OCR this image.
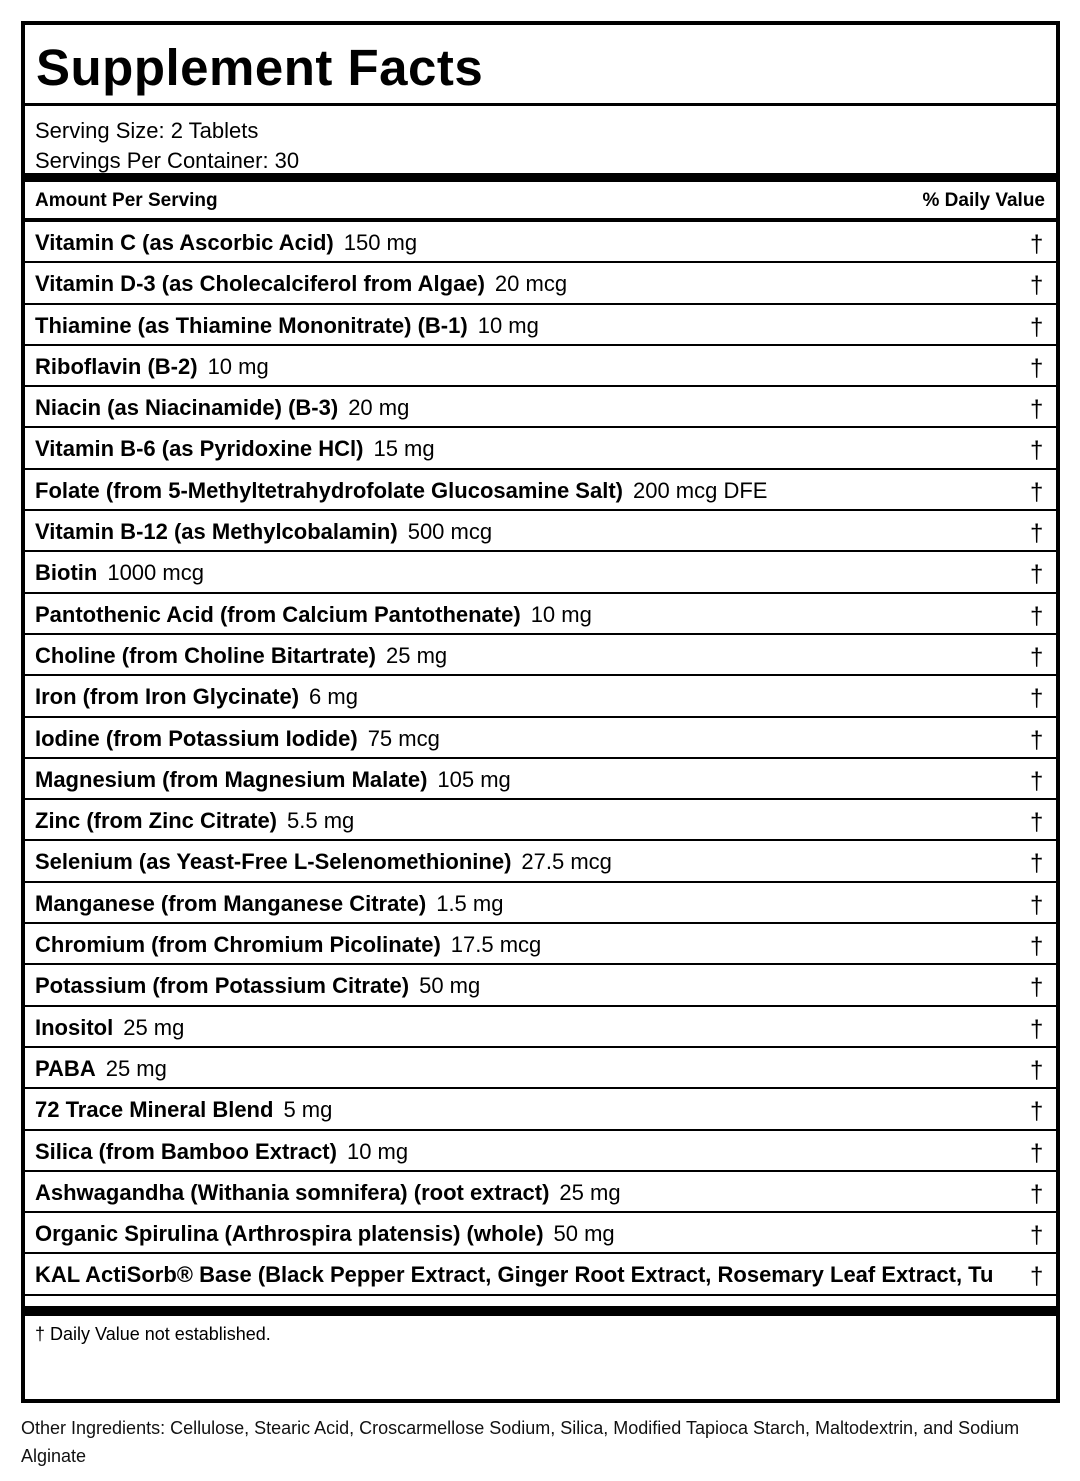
Supplement Facts
Serving Size: 2 Tablets
Servings Per Container: 30
Amount Per Serving	% Daily Value
Vitamin C (as Ascorbic Acid) 150 mg	†
Vitamin D-3 (as Cholecalciferol from Algae) 20 mcg	†
Thiamine (as Thiamine Mononitrate) (B-1) 10 mg	†
Riboflavin (B-2) 10 mg	†
Niacin (as Niacinamide) (B-3) 20 mg	†
Vitamin B-6 (as Pyridoxine HCl) 15 mg	†
Folate (from 5-Methyltetrahydrofolate Glucosamine Salt) 200 mcg DFE	†
Vitamin B-12 (as Methylcobalamin) 500 mcg	†
Biotin 1000 mcg	†
Pantothenic Acid (from Calcium Pantothenate) 10 mg	†
Choline (from Choline Bitartrate) 25 mg	†
Iron (from Iron Glycinate) 6 mg	†
Iodine (from Potassium Iodide) 75 mcg	†
Magnesium (from Magnesium Malate) 105 mg	†
Zinc (from Zinc Citrate) 5.5 mg	†
Selenium (as Yeast-Free L-Selenomethionine) 27.5 mcg	†
Manganese (from Manganese Citrate) 1.5 mg	†
Chromium (from Chromium Picolinate) 17.5 mcg	†
Potassium (from Potassium Citrate) 50 mg	†
Inositol 25 mg	†
PABA 25 mg	†
72 Trace Mineral Blend 5 mg	†
Silica (from Bamboo Extract) 10 mg	†
Ashwagandha (Withania somnifera) (root extract) 25 mg	†
Organic Spirulina (Arthrospira platensis) (whole) 50 mg	†
KAL ActiSorb® Base (Black Pepper Extract, Ginger Root Extract, Rosemary Leaf Extract, Tu	†
† Daily Value not established.
Other Ingredients: Cellulose, Stearic Acid, Croscarmellose Sodium, Silica, Modified Tapioca Starch, Maltodextrin, and Sodium Alginate
